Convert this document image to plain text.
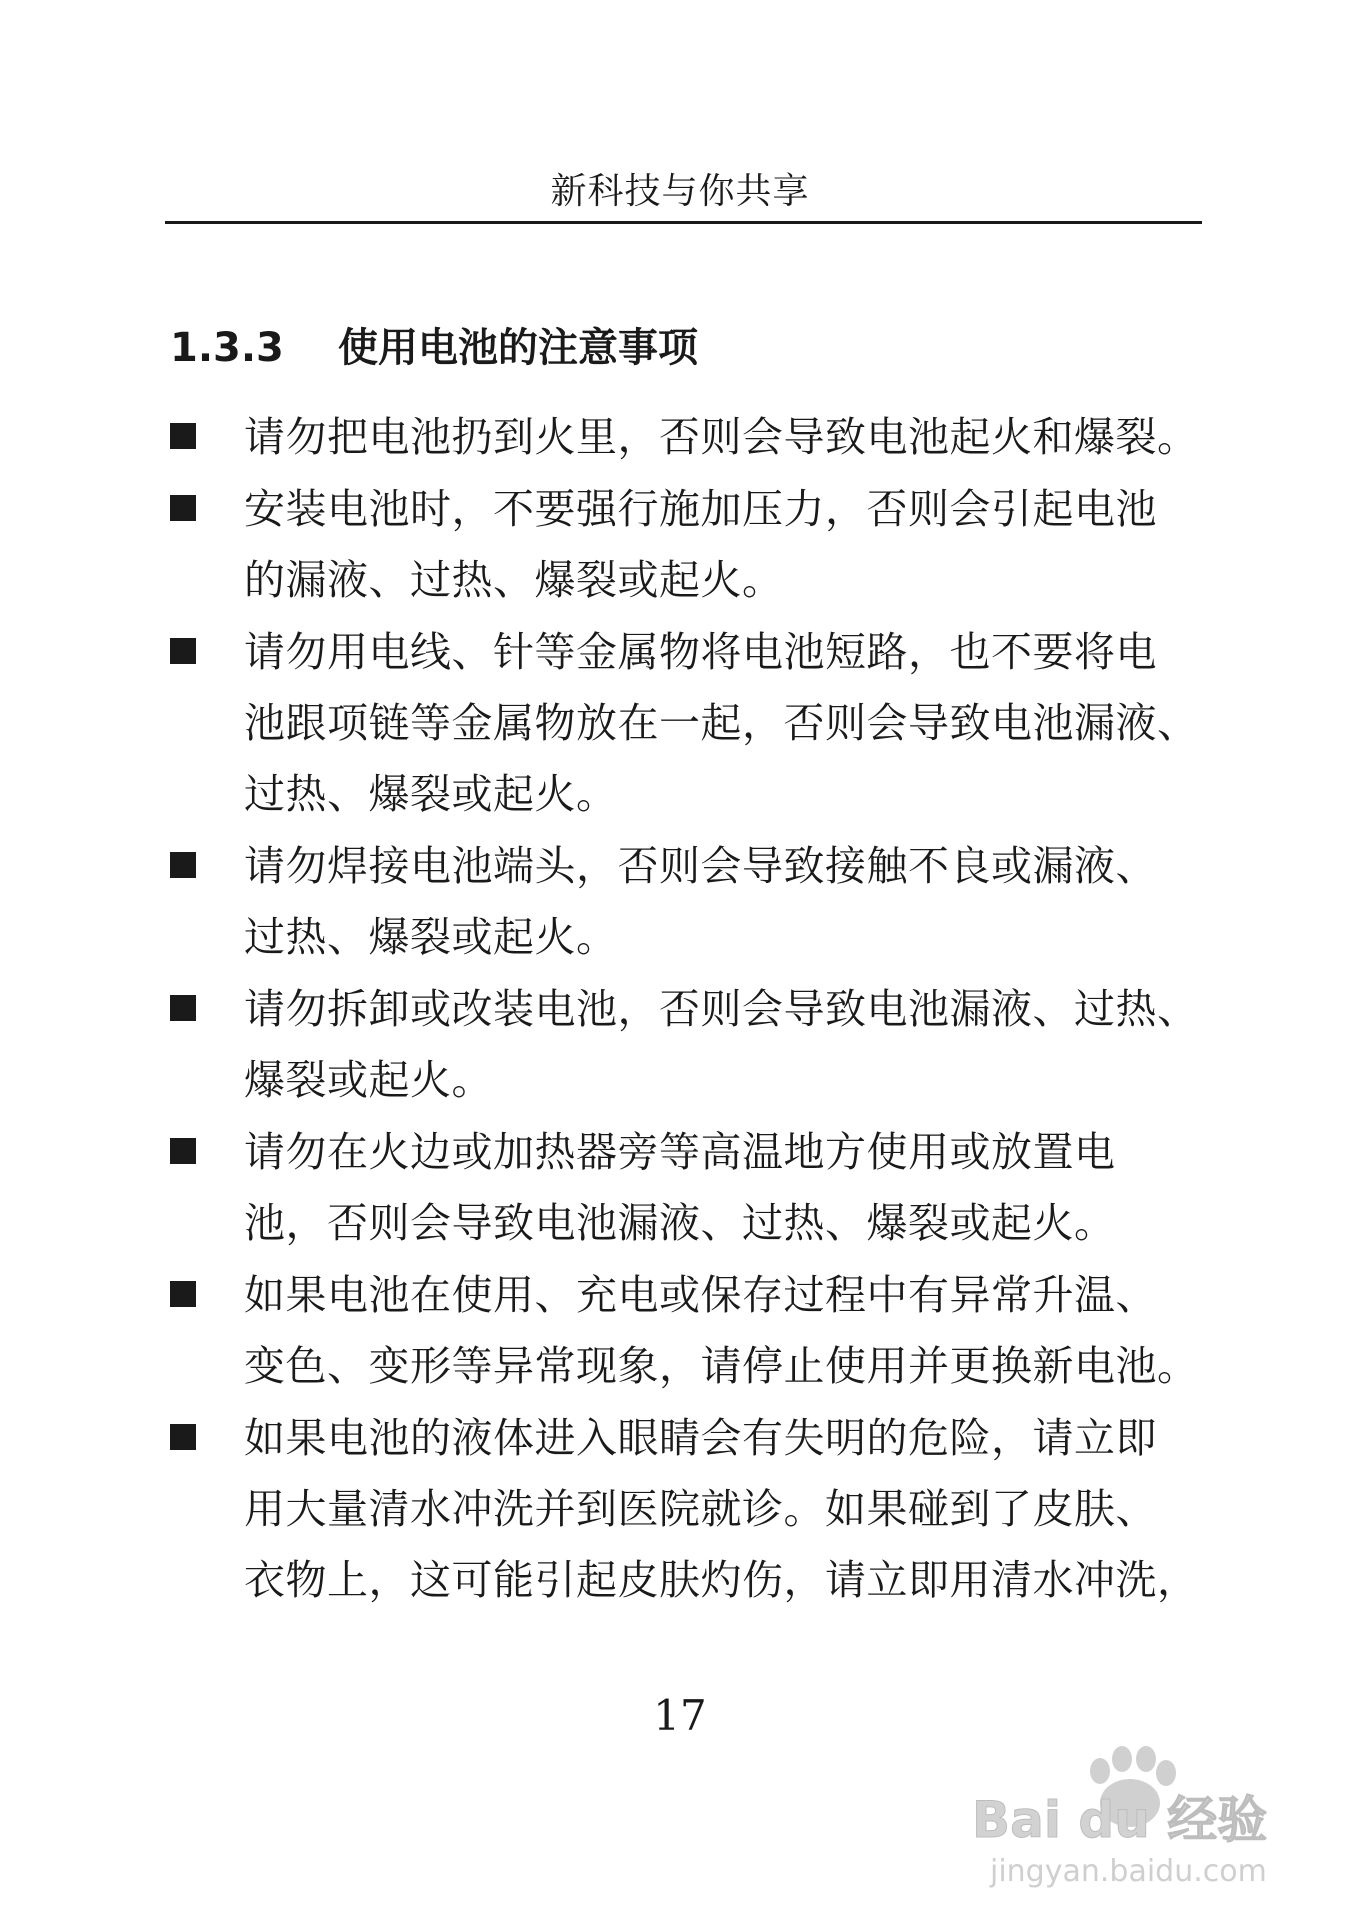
新科技与你共享
1.3.3 使用电池的注意事项
请勿把电池扔到火里，否则会导致电池起火和爆裂。
安装电池时，不要强行施加压力，否则会引起电池
的漏液、过热、爆裂或起火。
请勿用电线、针等金属物将电池短路，也不要将电
池跟项链等金属物放在一起，否则会导致电池漏液、
过热、爆裂或起火。
请勿焊接电池端头，否则会导致接触不良或漏液、
过热、爆裂或起火。
请勿拆卸或改装电池，否则会导致电池漏液、过热、
爆裂或起火。
请勿在火边或加热器旁等高温地方使用或放置电
池，否则会导致电池漏液、过热、爆裂或起火。
如果电池在使用、充电或保存过程中有异常升温、
变色、变形等异常现象，请停止使用并更换新电池。
如果电池的液体进入眼睛会有失明的危险，请立即
用大量清水冲洗并到医院就诊。如果碰到了皮肤、
衣物上，这可能引起皮肤灼伤，请立即用清水冲洗，
17
Bai du 经验
jingyan.baidu.com
